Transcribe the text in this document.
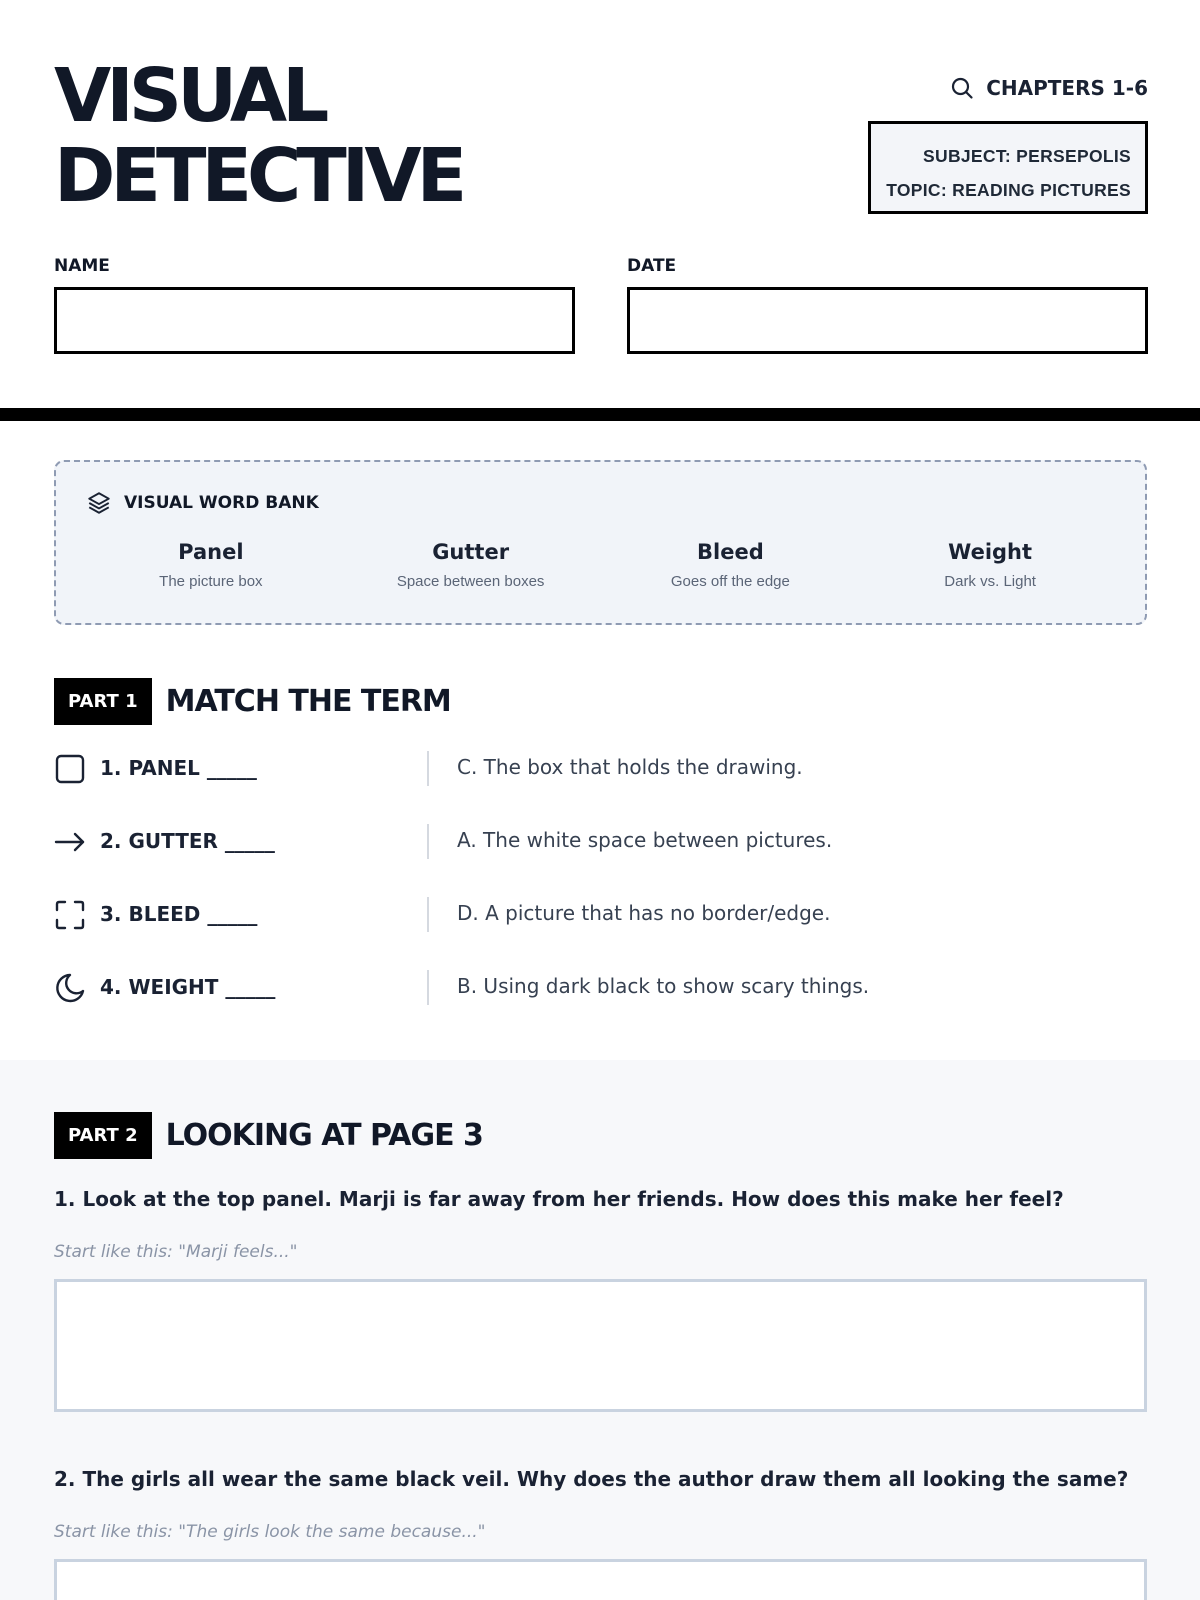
VISUAL
DETECTIVE
CHAPTERS 1-6
SUBJECT: PERSEPOLIS
TOPIC: READING PICTURES
NAME	DATE
VISUAL WORD BANK
Panel
The picture box
Gutter
Space between boxes
Bleed
Goes off the edge
Weight
Dark vs. Light
PART 1 MATCH THE TERM
1. PANEL _____	C. The box that holds the drawing.
2. GUTTER _____	A. The white space between pictures.
3. BLEED _____	D. A picture that has no border/edge.
4. WEIGHT _____	B. Using dark black to show scary things.
PART 2 LOOKING AT PAGE 3
1. Look at the top panel. Marji is far away from her friends. How does this make her feel?
Start like this: "Marji feels..."
2. The girls all wear the same black veil. Why does the author draw them all looking the same?
Start like this: "The girls look the same because..."
